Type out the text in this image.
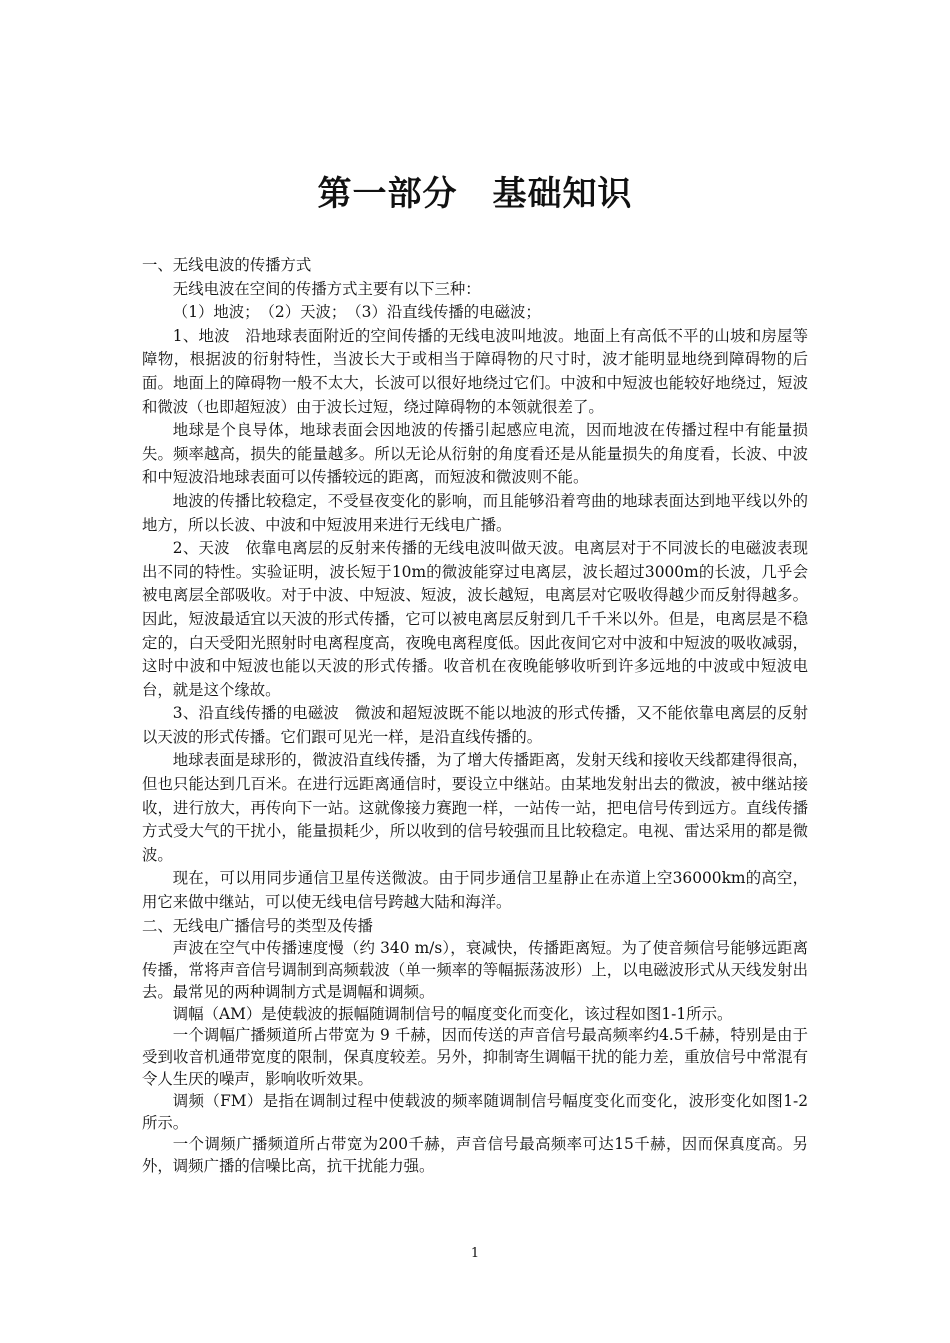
第一部分　基础知识

一、无线电波的传播方式

无线电波在空间的传播方式主要有以下三种：

（1）地波；　（2）天波；　（3）沿直线传播的电磁波；

1、地波　沿地球表面附近的空间传播的无线电波叫地波。地面上有高低不平的山坡和房屋等障物，根据波的衍射特性，当波长大于或相当于障碍物的尺寸时，波才能明显地绕到障碍物的后面。地面上的障碍物一般不太大，长波可以很好地绕过它们。中波和中短波也能较好地绕过，短波和微波（也即超短波）由于波长过短，绕过障碍物的本领就很差了。

地球是个良导体，地球表面会因地波的传播引起感应电流，因而地波在传播过程中有能量损失。频率越高，损失的能量越多。所以无论从衍射的角度看还是从能量损失的角度看，长波、中波和中短波沿地球表面可以传播较远的距离，而短波和微波则不能。

地波的传播比较稳定，不受昼夜变化的影响，而且能够沿着弯曲的地球表面达到地平线以外的地方，所以长波、中波和中短波用来进行无线电广播。

2、天波　依靠电离层的反射来传播的无线电波叫做天波。电离层对于不同波长的电磁波表现出不同的特性。实验证明，波长短于10m的微波能穿过电离层，波长超过3000m的长波，几乎会被电离层全部吸收。对于中波、中短波、短波，波长越短，电离层对它吸收得越少而反射得越多。因此，短波最适宜以天波的形式传播，它可以被电离层反射到几千千米以外。但是，电离层是不稳定的，白天受阳光照射时电离程度高，夜晚电离程度低。因此夜间它对中波和中短波的吸收减弱，这时中波和中短波也能以天波的形式传播。收音机在夜晚能够收听到许多远地的中波或中短波电台，就是这个缘故。

3、沿直线传播的电磁波　微波和超短波既不能以地波的形式传播，又不能依靠电离层的反射以天波的形式传播。它们跟可见光一样，是沿直线传播的。

地球表面是球形的，微波沿直线传播，为了增大传播距离，发射天线和接收天线都建得很高，但也只能达到几百米。在进行远距离通信时，要设立中继站。由某地发射出去的微波，被中继站接收，进行放大，再传向下一站。这就像接力赛跑一样，一站传一站，把电信号传到远方。直线传播方式受大气的干扰小，能量损耗少，所以收到的信号较强而且比较稳定。电视、雷达采用的都是微波。

现在，可以用同步通信卫星传送微波。由于同步通信卫星静止在赤道上空36000km的高空，用它来做中继站，可以使无线电信号跨越大陆和海洋。

二、无线电广播信号的类型及传播

声波在空气中传播速度慢（约 340 m/s），衰减快，传播距离短。为了使音频信号能够远距离传播，常将声音信号调制到高频载波（单一频率的等幅振荡波形）上，以电磁波形式从天线发射出去。最常见的两种调制方式是调幅和调频。

调幅（AM）是使载波的振幅随调制信号的幅度变化而变化，该过程如图1-1所示。

一个调幅广播频道所占带宽为 9 千赫，因而传送的声音信号最高频率约4.5千赫，特别是由于受到收音机通带宽度的限制，保真度较差。另外，抑制寄生调幅干扰的能力差，重放信号中常混有令人生厌的噪声，影响收听效果。

调频（FM）是指在调制过程中使载波的频率随调制信号幅度变化而变化，波形变化如图1-2所示。

一个调频广播频道所占带宽为200千赫，声音信号最高频率可达15千赫，因而保真度高。另外，调频广播的信噪比高，抗干扰能力强。

1
